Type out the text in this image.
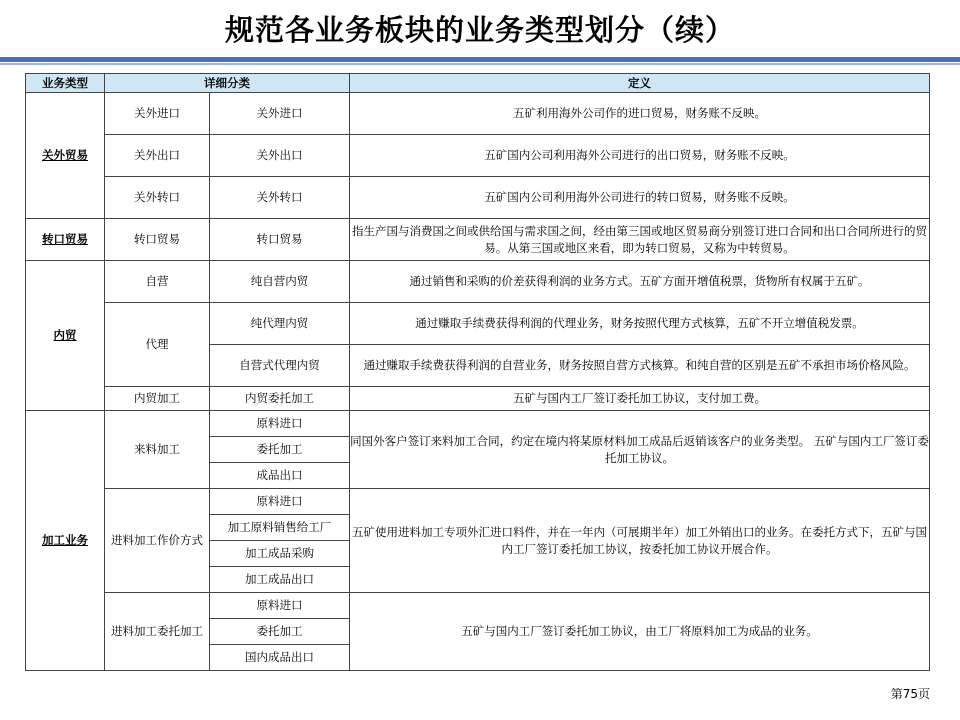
规范各业务板块的业务类型划分（续）
业务类型	详细分类		定义
关外贸易	关外进口	关外进口	五矿利用海外公司作的进口贸易，财务账不反映。
	关外出口	关外出口	五矿国内公司利用海外公司进行的出口贸易，财务账不反映。
	关外转口	关外转口	五矿国内公司利用海外公司进行的转口贸易，财务账不反映。
转口贸易	转口贸易	转口贸易	指生产国与消费国之间或供给国与需求国之间，经由第三国或地区贸易商分别签订进口合同和出口合同所进行的贸易。从第三国或地区来看，即为转口贸易，又称为中转贸易。
内贸	自营	纯自营内贸	通过销售和采购的价差获得利润的业务方式。五矿方面开增值税票，货物所有权属于五矿。
	代理	纯代理内贸	通过赚取手续费获得利润的代理业务，财务按照代理方式核算，五矿不开立增值税发票。
		自营式代理内贸	通过赚取手续费获得利润的自营业务，财务按照自营方式核算。和纯自营的区别是五矿不承担市场价格风险。
	内贸加工	内贸委托加工	五矿与国内工厂签订委托加工协议，支付加工费。
加工业务	来料加工	原料进口	同国外客户签订来料加工合同，约定在境内将某原材料加工成品后返销该客户的业务类型。 五矿与国内工厂签订委托加工协议。
		委托加工	
		成品出口	
	进料加工作价方式	原料进口	五矿使用进料加工专项外汇进口料件，并在一年内（可展期半年）加工外销出口的业务。在委托方式下，五矿与国内工厂签订委托加工协议，按委托加工协议开展合作。
		加工原料销售给工厂	
		加工成品采购	
		加工成品出口	
	进料加工委托加工	原料进口	五矿与国内工厂签订委托加工协议，由工厂将原料加工为成品的业务。
		委托加工	
		国内成品出口	
第75页
